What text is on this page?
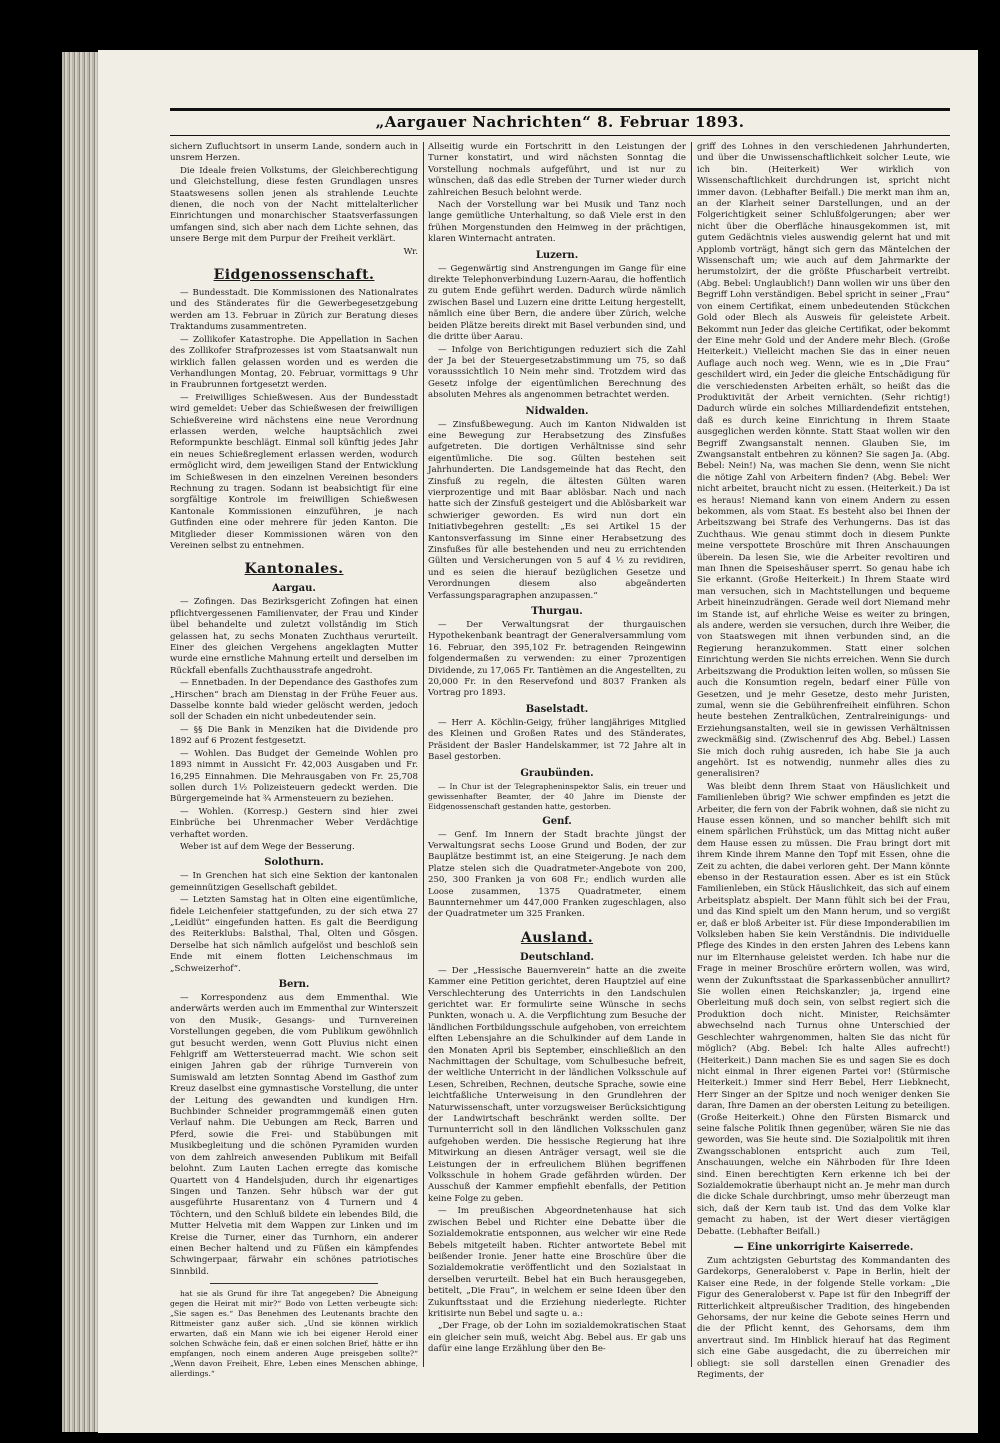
„Aargauer Nachrichten“ 8. Februar 1893.

sichern Zufluchtsort in unserm Lande, sondern auch in unsrem Herzen.

Die Ideale freien Volkstums, der Gleichberechtigung und Gleichstellung, diese festen Grundlagen unsres Staatswesens sollen jenen als strahlende Leuchte dienen, die noch von der Nacht mittelalterlicher Einrichtungen und monarchischer Staatsverfassungen umfangen sind, sich aber nach dem Lichte sehnen, das unsere Berge mit dem Purpur der Freiheit verklärt.

Wr.
Eidgenossenschaft.

— Bundesstadt. Die Kommissionen des Nationalrates und des Ständerates für die Gewerbegesetzgebung werden am 13. Februar in Zürich zur Beratung dieses Traktandums zusammentreten.

— Zollikofer Katastrophe. Die Appellation in Sachen des Zollikofer Strafprozesses ist vom Staatsanwalt nun wirklich fallen gelassen worden und es werden die Verhandlungen Montag, 20. Februar, vormittags 9 Uhr in Fraubrunnen fortgesetzt werden.

— Freiwilliges Schießwesen. Aus der Bundesstadt wird gemeldet: Ueber das Schießwesen der freiwilligen Schießvereine wird nächstens eine neue Verordnung erlassen werden, welche hauptsächlich zwei Reformpunkte beschlägt. Einmal soll künftig jedes Jahr ein neues Schießreglement erlassen werden, wodurch ermöglicht wird, dem jeweiligen Stand der Entwicklung im Schießwesen in den einzelnen Vereinen besonders Rechnung zu tragen. Sodann ist beabsichtigt für eine sorgfältige Kontrole im freiwilligen Schießwesen Kantonale Kommissionen einzuführen, je nach Gutfinden eine oder mehrere für jeden Kanton. Die Mitglieder dieser Kommissionen wären von den Vereinen selbst zu entnehmen.

Kantonales.
Aargau.

— Zofingen. Das Bezirksgericht Zofingen hat einen pflichtvergessenen Familienvater, der Frau und Kinder übel behandelte und zuletzt vollständig im Stich gelassen hat, zu sechs Monaten Zuchthaus verurteilt. Einer des gleichen Vergehens angeklagten Mutter wurde eine ernstliche Mahnung erteilt und derselben im Rückfall ebenfalls Zuchthausstrafe angedroht.

— Ennetbaden. In der Dependance des Gasthofes zum „Hirschen“ brach am Dienstag in der Frühe Feuer aus. Dasselbe konnte bald wieder gelöscht werden, jedoch soll der Schaden ein nicht unbedeutender sein.

— §§ Die Bank in Menziken hat die Dividende pro 1892 auf 6 Prozent festgesetzt.

— Wohlen. Das Budget der Gemeinde Wohlen pro 1893 nimmt in Aussicht Fr. 42,003 Ausgaben und Fr. 16,295 Einnahmen. Die Mehrausgaben von Fr. 25,708 sollen durch 1½ Polizeisteuern gedeckt werden. Die Bürgergemeinde hat ¾ Armensteuern zu beziehen.

— Wohlen. (Korresp.) Gestern sind hier zwei Einbrüche bei Uhrenmacher Weber Verdächtige verhaftet worden.

Weber ist auf dem Wege der Besserung.

Solothurn.

— In Grenchen hat sich eine Sektion der kantonalen gemeinnützigen Gesellschaft gebildet.

— Letzten Samstag hat in Olten eine eigentümliche, fidele Leichenfeier stattgefunden, zu der sich etwa 27 „Leidlüt“ eingefunden hatten. Es galt die Beerdigung des Reiterklubs: Balsthal, Thal, Olten und Gösgen. Derselbe hat sich nämlich aufgelöst und beschloß sein Ende mit einem flotten Leichenschmaus im „Schweizerhof“.

Bern.

— Korrespondenz aus dem Emmenthal. Wie anderwärts werden auch im Emmenthal zur Winterszeit von den Musik-, Gesangs- und Turnvereinen Vorstellungen gegeben, die vom Publikum gewöhnlich gut besucht werden, wenn Gott Pluvius nicht einen Fehlgriff am Wettersteuerrad macht. Wie schon seit einigen Jahren gab der rührige Turnverein von Sumiswald am letzten Sonntag Abend im Gasthof zum Kreuz daselbst eine gymnastische Vorstellung, die unter der Leitung des gewandten und kundigen Hrn. Buchbinder Schneider programmgemäß einen guten Verlauf nahm. Die Uebungen am Reck, Barren und Pferd, sowie die Frei- und Stabübungen mit Musikbegleitung und die schönen Pyramiden wurden von dem zahlreich anwesenden Publikum mit Beifall belohnt. Zum Lauten Lachen erregte das komische Quartett von 4 Handelsjuden, durch ihr eigenartiges Singen und Tanzen. Sehr hübsch war der gut ausgeführte Husarentanz von 4 Turnern und 4 Töchtern, und den Schluß bildete ein lebendes Bild, die Mutter Helvetia mit dem Wappen zur Linken und im Kreise die Turner, einer das Turnhorn, ein anderer einen Becher haltend und zu Füßen ein kämpfendes Schwingerpaar, färwahr ein schönes patriotisches Sinnbild.

hat sie als Grund für ihre Tat angegeben? Die Abneigung gegen die Heirat mit mir?“ Bodo von Letten verbeugte sich: „Sie sagen es.“ Das Benehmen des Leutenants brachte den Rittmeister ganz außer sich. „Und sie können wirklich erwarten, daß ein Mann wie ich bei eigener Herold einer solchen Schwäche fein, daß er einen solchen Brief, hätte er ihn empfangen, noch einem anderen Auge preisgeben sollte?“ „Wenn davon Freiheit, Ehre, Leben eines Menschen abhinge, allerdings.“

Allseitig wurde ein Fortschritt in den Leistungen der Turner konstatirt, und wird nächsten Sonntag die Vorstellung nochmals aufgeführt, und ist nur zu wünschen, daß das edle Streben der Turner wieder durch zahlreichen Besuch belohnt werde.

Nach der Vorstellung war bei Musik und Tanz noch lange gemütliche Unterhaltung, so daß Viele erst in den frühen Morgenstunden den Heimweg in der prächtigen, klaren Winternacht antraten.

Luzern.

— Gegenwärtig sind Anstrengungen im Gange für eine direkte Telephonverbindung Luzern-Aarau, die hoffentlich zu gutem Ende geführt werden. Dadurch würde nämlich zwischen Basel und Luzern eine dritte Leitung hergestellt, nämlich eine über Bern, die andere über Zürich, welche beiden Plätze bereits direkt mit Basel verbunden sind, und die dritte über Aarau.

— Infolge von Berichtigungen reduziert sich die Zahl der Ja bei der Steuergesetzabstimmung um 75, so daß vorausssichtlich 10 Nein mehr sind. Trotzdem wird das Gesetz infolge der eigentümlichen Berechnung des absoluten Mehres als angenommen betrachtet werden.

Nidwalden.

— Zinsfußbewegung. Auch im Kanton Nidwalden ist eine Bewegung zur Herabsetzung des Zinsfußes aufgetreten. Die dortigen Verhältnisse sind sehr eigentümliche. Die sog. Gülten bestehen seit Jahrhunderten. Die Landsgemeinde hat das Recht, den Zinsfuß zu regeln, die ältesten Gülten waren vierprozentige und mit Baar ablösbar. Nach und nach hatte sich der Zinsfuß gesteigert und die Ablösbarkeit war schwieriger geworden. Es wird nun dort ein Initiativbegehren gestellt: „Es sei Artikel 15 der Kantonsverfassung im Sinne einer Herabsetzung des Zinsfußes für alle bestehenden und neu zu errichtenden Gülten und Versicherungen von 5 auf 4 ½ zu revidiren, und es seien die hierauf bezüglichen Gesetze und Verordnungen diesem also abgeänderten Verfassungsparagraphen anzupassen.“

Thurgau.

— Der Verwaltungsrat der thurgauischen Hypothekenbank beantragt der Generalversammlung vom 16. Februar, den 395,102 Fr. betragenden Reingewinn folgendermaßen zu verwenden: zu einer 7prozentigen Dividende, zu 17,065 Fr. Tantièmen an die Angestellten, zu 20,000 Fr. in den Reservefond und 8037 Franken als Vortrag pro 1893.

Baselstadt.

— Herr A. Köchlin-Geigy, früher langjähriges Mitglied des Kleinen und Großen Rates und des Ständerates, Präsident der Basler Handelskammer, ist 72 Jahre alt in Basel gestorben.

Graubünden.

— In Chur ist der Telegrapheninspektor Salis, ein treuer und gewissenhafter Beamter, der 40 Jahre im Dienste der Eidgenossenschaft gestanden hatte, gestorben.

Genf.

— Genf. Im Innern der Stadt brachte jüngst der Verwaltungsrat sechs Loose Grund und Boden, der zur Bauplätze bestimmt ist, an eine Steigerung. Je nach dem Platze stelen sich die Quadratmeter-Angebote von 200, 250, 300 Franken ja von 608 Fr.; endlich wurden alle Loose zusammen, 1375 Quadratmeter, einem Baunnternehmer um 447,000 Franken zugeschlagen, also der Quadratmeter um 325 Franken.

Ausland.
Deutschland.

— Der „Hessische Bauernverein“ hatte an die zweite Kammer eine Petition gerichtet, deren Hauptziel auf eine Verschlechterung des Unterrichts in den Landschulen gerichtet war. Er formulirte seine Wünsche in sechs Punkten, wonach u. A. die Verpflichtung zum Besuche der ländlichen Fortbildungsschule aufgehoben, von erreichtem elften Lebensjahre an die Schulkinder auf dem Lande in den Monaten April bis September, einschließlich an den Nachmittagen der Schultage, vom Schulbesuche befreit, der weltliche Unterricht in der ländlichen Volksschule auf Lesen, Schreiben, Rechnen, deutsche Sprache, sowie eine leichtfaßliche Unterweisung in den Grundlehren der Naturwissenschaft, unter vorzugsweiser Berücksichtigung der Landwirtschaft beschränkt werden sollte. Der Turnunterricht soll in den ländlichen Volksschulen ganz aufgehoben werden. Die hessische Regierung hat ihre Mitwirkung an diesen Anträger versagt, weil sie die Leistungen der in erfreulichem Blühen begriffenen Volksschule in hohem Grade gefährden würden. Der Ausschuß der Kammer empfiehlt ebenfalls, der Petition keine Folge zu geben.

— Im preußischen Abgeordnetenhause hat sich zwischen Bebel und Richter eine Debatte über die Sozialdemokratie entsponnen, aus welcher wir eine Rede Bebels mitgeteilt haben. Richter antwortete Bebel mit beißender Ironie. Jener hatte eine Broschüre über die Sozialdemokratie veröffentlicht und den Sozialstaat in derselben verurteilt. Bebel hat ein Buch herausgegeben, betitelt, „Die Frau“, in welchem er seine Ideen über den Zukunftsstaat und die Erziehung niederlegte. Richter kritisirte nun Bebel und sagte u. a.:

„Der Frage, ob der Lohn im sozialdemokratischen Staat ein gleicher sein muß, weicht Abg. Bebel aus. Er gab uns dafür eine lange Erzählung über den Be-

griff des Lohnes in den verschiedenen Jahrhunderten, und über die Unwissenschaftlichkeit solcher Leute, wie ich bin. (Heiterkeit) Wer wirklich von Wissenschaftlichkeit durchdrungen ist, spricht nicht immer davon. (Lebhafter Beifall.) Die merkt man ihm an, an der Klarheit seiner Darstellungen, und an der Folgerichtigkeit seiner Schlußfolgerungen; aber wer nicht über die Oberfläche hinausgekommen ist, mit gutem Gedächtnis vieles auswendig gelernt hat und mit Applomb vorträgt, hängt sich gern das Mäntelchen der Wissenschaft um; wie auch auf dem Jahrmarkte der herumstolzirt, der die größte Pfuscharbeit vertreibt. (Abg. Bebel: Unglaublich!) Dann wollen wir uns über den Begriff Lohn verständigen. Bebel spricht in seiner „Frau“ von einem Certifikat, einem unbedeutenden Stückchen Gold oder Blech als Ausweis für geleistete Arbeit. Bekommt nun Jeder das gleiche Certifikat, oder bekommt der Eine mehr Gold und der Andere mehr Blech. (Große Heiterkeit.) Vielleicht machen Sie das in einer neuen Auflage auch noch weg. Wenn, wie es in „Die Frau“ geschildert wird, ein Jeder die gleiche Entschädigung für die verschiedensten Arbeiten erhält, so heißt das die Produktivität der Arbeit vernichten. (Sehr richtig!) Dadurch würde ein solches Milliardendefizit entstehen, daß es durch keine Einrichtung in Ihrem Staate ausgeglichen werden könnte. Statt Staat wollen wir den Begriff Zwangsanstalt nennen. Glauben Sie, im Zwangsanstalt entbehren zu können? Sie sagen Ja. (Abg. Bebel: Nein!) Na, was machen Sie denn, wenn Sie nicht die nötige Zahl von Arbeitern finden? (Abg. Bebel: Wer nicht arbeitet, braucht nicht zu essen. (Heiterkeit.) Da ist es heraus! Niemand kann von einem Andern zu essen bekommen, als vom Staat. Es besteht also bei Ihnen der Arbeitszwang bei Strafe des Verhungerns. Das ist das Zuchthaus. Wie genau stimmt doch in diesem Punkte meine verspottete Broschüre mit Ihren Anschauungen überein. Da lesen Sie, wie die Arbeiter revoltiren und man Ihnen die Speiseshäuser sperrt. So genau habe ich Sie erkannt. (Große Heiterkeit.) In Ihrem Staate wird man versuchen, sich in Machtstellungen und bequeme Arbeit hineinzudrängen. Gerade weil dort Niemand mehr im Stande ist, auf ehrliche Weise es weiter zu bringen, als andere, werden sie versuchen, durch ihre Weiber, die von Staatswegen mit ihnen verbunden sind, an die Regierung heranzukommen. Statt einer solchen Einrichtung werden Sie nichts erreichen. Wenn Sie durch Arbeitszwang die Produktion leiten wollen, so müssen Sie auch die Konsumtion regeln, bedarf einer Fülle von Gesetzen, und je mehr Gesetze, desto mehr Juristen, zumal, wenn sie die Gebührenfreiheit einführen. Schon heute bestehen Zentralküchen, Zentralreinigungs- und Erziehungsanstalten, weil sie in gewissen Verhältnissen zweckmäßig sind. (Zwischenruf des Abg. Bebel.) Lassen Sie mich doch ruhig ausreden, ich habe Sie ja auch angehört. Ist es notwendig, nunmehr alles dies zu generalisiren?

Was bleibt denn Ihrem Staat von Häuslichkeit und Familienleben übrig? Wie schwer empfinden es jetzt die Arbeiter, die fern von der Fabrik wohnen, daß sie nicht zu Hause essen können, und so mancher behilft sich mit einem spärlichen Frühstück, um das Mittag nicht außer dem Hause essen zu müssen. Die Frau bringt dort mit ihrem Kinde ihrem Manne den Topf mit Essen, ohne die Zeit zu achten, die dabei verloren geht. Der Mann könnte ebenso in der Restauration essen. Aber es ist ein Stück Familienleben, ein Stück Häuslichkeit, das sich auf einem Arbeitsplatz abspielt. Der Mann fühlt sich bei der Frau, und das Kind spielt um den Mann herum, und so vergißt er, daß er bloß Arbeiter ist. Für diese Imponderabilien im Volksleben haben Sie kein Verständnis. Die individuelle Pflege des Kindes in den ersten Jahren des Lebens kann nur im Elternhause geleistet werden. Ich habe nur die Frage in meiner Broschüre erörtern wollen, was wird, wenn der Zukunftsstaat die Sparkassenbücher annullirt? Sie wollen einen Reichskanzler; ja, irgend eine Oberleitung muß doch sein, von selbst regiert sich die Produktion doch nicht. Minister, Reichsämter abwechselnd nach Turnus ohne Unterschied der Geschlechter wahrgenommen, halten Sie das nicht für möglich? (Abg. Bebel: Ich halte Alles aufrecht!) (Heiterkeit.) Dann machen Sie es und sagen Sie es doch nicht einmal in Ihrer eigenen Partei vor! (Stürmische Heiterkeit.) Immer sind Herr Bebel, Herr Liebknecht, Herr Singer an der Spitze und noch weniger denken Sie daran, Ihre Damen an der obersten Leitung zu beteiligen. (Große Heiterkeit.) Ohne den Fürsten Bismarck und seine falsche Politik Ihnen gegenüber, wären Sie nie das geworden, was Sie heute sind. Die Sozialpolitik mit ihren Zwangsschablonen entspricht auch zum Teil, Anschauungen, welche ein Nährboden für Ihre Ideen sind. Einen berechtigten Kern erkenne ich bei der Sozialdemokratie überhaupt nicht an. Je mehr man durch die dicke Schale durchbringt, umso mehr überzeugt man sich, daß der Kern taub ist. Und das dem Volke klar gemacht zu haben, ist der Wert dieser viertägigen Debatte. (Lebhafter Beifall.)

— Eine unkorrigirte Kaiserrede.

Zum achtzigsten Geburtstag des Kommandanten des Gardekorps, Generaloberst v. Pape in Berlin, hielt der Kaiser eine Rede, in der folgende Stelle vorkam: „Die Figur des Generaloberst v. Pape ist für den Inbegriff der Ritterlichkeit altpreußischer Tradition, des hingebenden Gehorsams, der nur keine die Gebote seines Herrn und die der Pflicht kennt, des Gehorsams, dem ihm anvertraut sind. Im Hinblick hierauf hat das Regiment sich eine Gabe ausgedacht, die zu überreichen mir obliegt: sie soll darstellen einen Grenadier des Regiments, der
